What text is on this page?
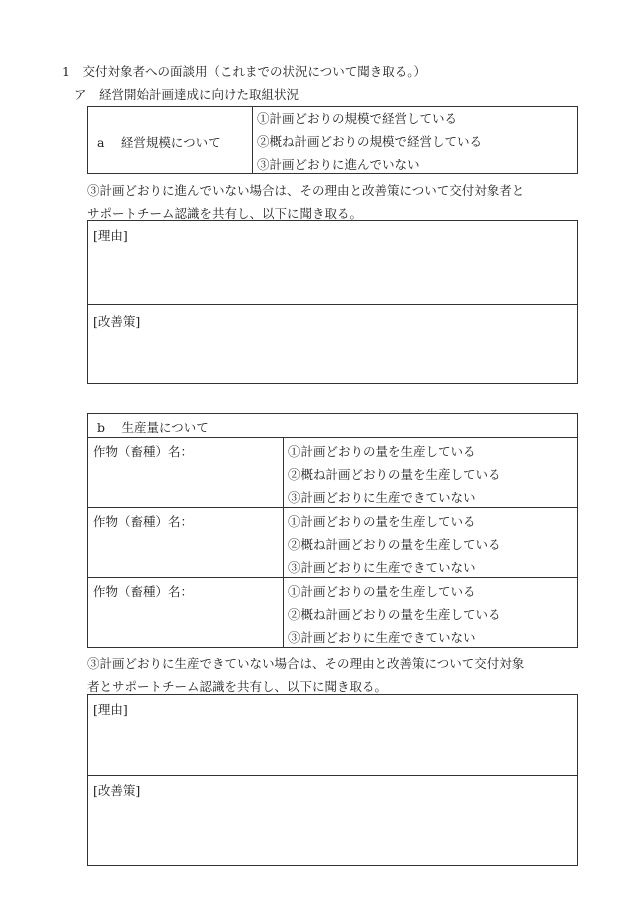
1　交付対象者への面談用（これまでの状況について聞き取る。）
ア　経営開始計画達成に向けた取組状況
a　 経営規模について
①計画どおりの規模で経営している
②概ね計画どおりの規模で経営している
③計画どおりに進んでいない
③計画どおりに進んでいない場合は、その理由と改善策について交付対象者と
サポートチーム認識を共有し、以下に聞き取る。
[理由]
[改善策]
b　 生産量について
作物（畜種）名：	①計画どおりの量を生産している
②概ね計画どおりの量を生産している
③計画どおりに生産できていない
作物（畜種）名：	①計画どおりの量を生産している
②概ね計画どおりの量を生産している
③計画どおりに生産できていない
作物（畜種）名：	①計画どおりの量を生産している
②概ね計画どおりの量を生産している
③計画どおりに生産できていない
③計画どおりに生産できていない場合は、その理由と改善策について交付対象
者とサポートチーム認識を共有し、以下に聞き取る。
[理由]
[改善策]
